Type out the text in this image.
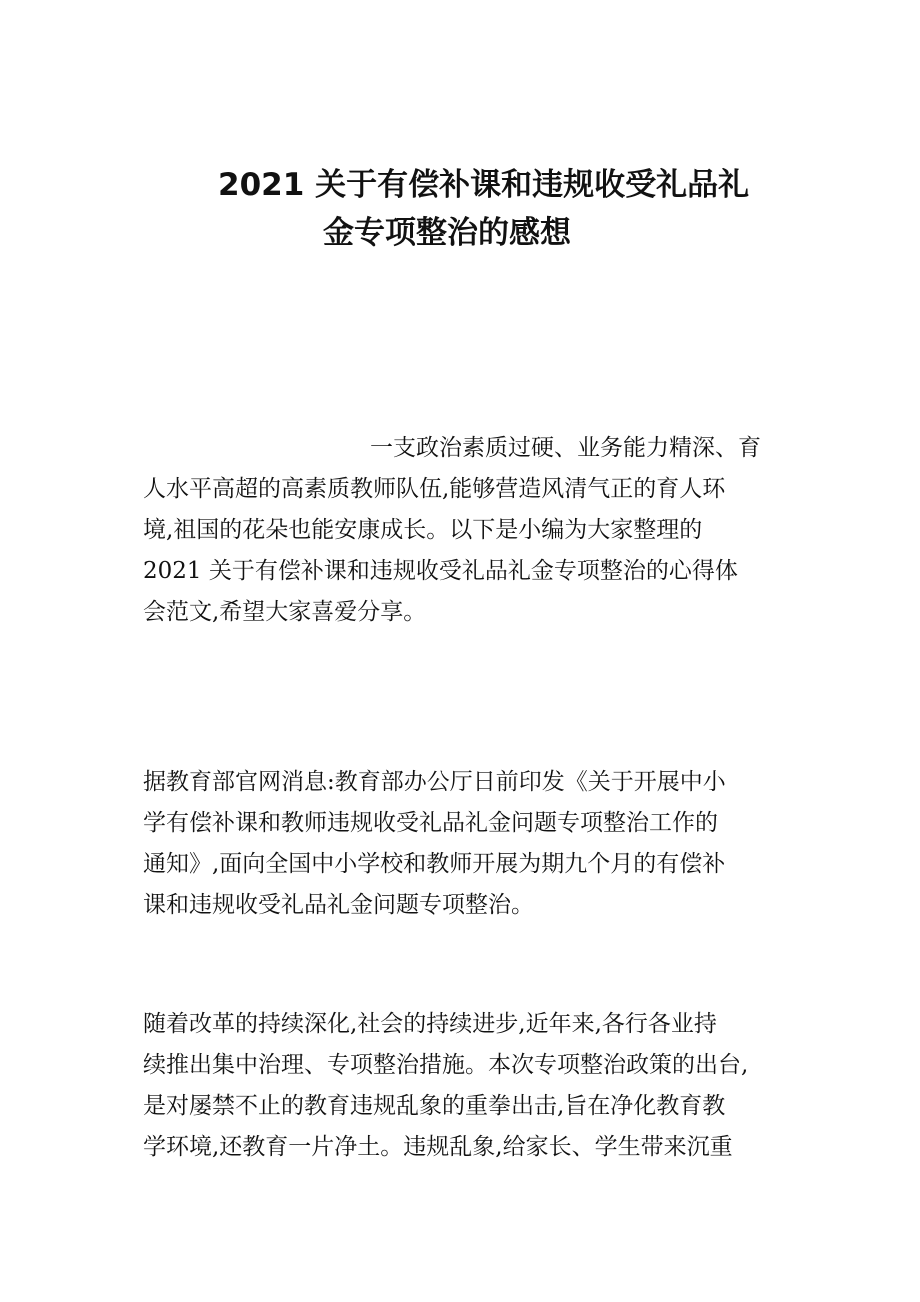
2021 关于有偿补课和违规收受礼品礼
金专项整治的感想
一支政治素质过硬、业务能力精深、育
人水平高超的高素质教师队伍,能够营造风清气正的育人环
境,祖国的花朵也能安康成长。以下是小编为大家整理的
2021 关于有偿补课和违规收受礼品礼金专项整治的心得体
会范文,希望大家喜爱分享。
据教育部官网消息:教育部办公厅日前印发《关于开展中小
学有偿补课和教师违规收受礼品礼金问题专项整治工作的
通知》,面向全国中小学校和教师开展为期九个月的有偿补
课和违规收受礼品礼金问题专项整治。
随着改革的持续深化,社会的持续进步,近年来,各行各业持
续推出集中治理、专项整治措施。本次专项整治政策的出台,
是对屡禁不止的教育违规乱象的重拳出击,旨在净化教育教
学环境,还教育一片净土。违规乱象,给家长、学生带来沉重
